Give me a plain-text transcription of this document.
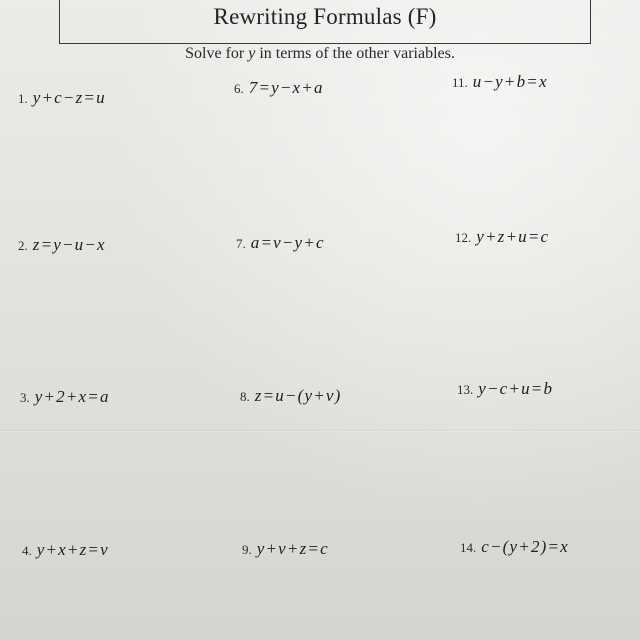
Rewriting Formulas (F)
Solve for y in terms of the other variables.
1. y+c−z=u
2. z=y−u−x
3. y+2+x=a
4. y+x+z=v
6. 7=y−x+a
7. a=v−y+c
8. z=u−(y+v)
9. y+v+z=c
11. u−y+b=x
12. y+z+u=c
13. y−c+u=b
14. c−(y+2)=x
